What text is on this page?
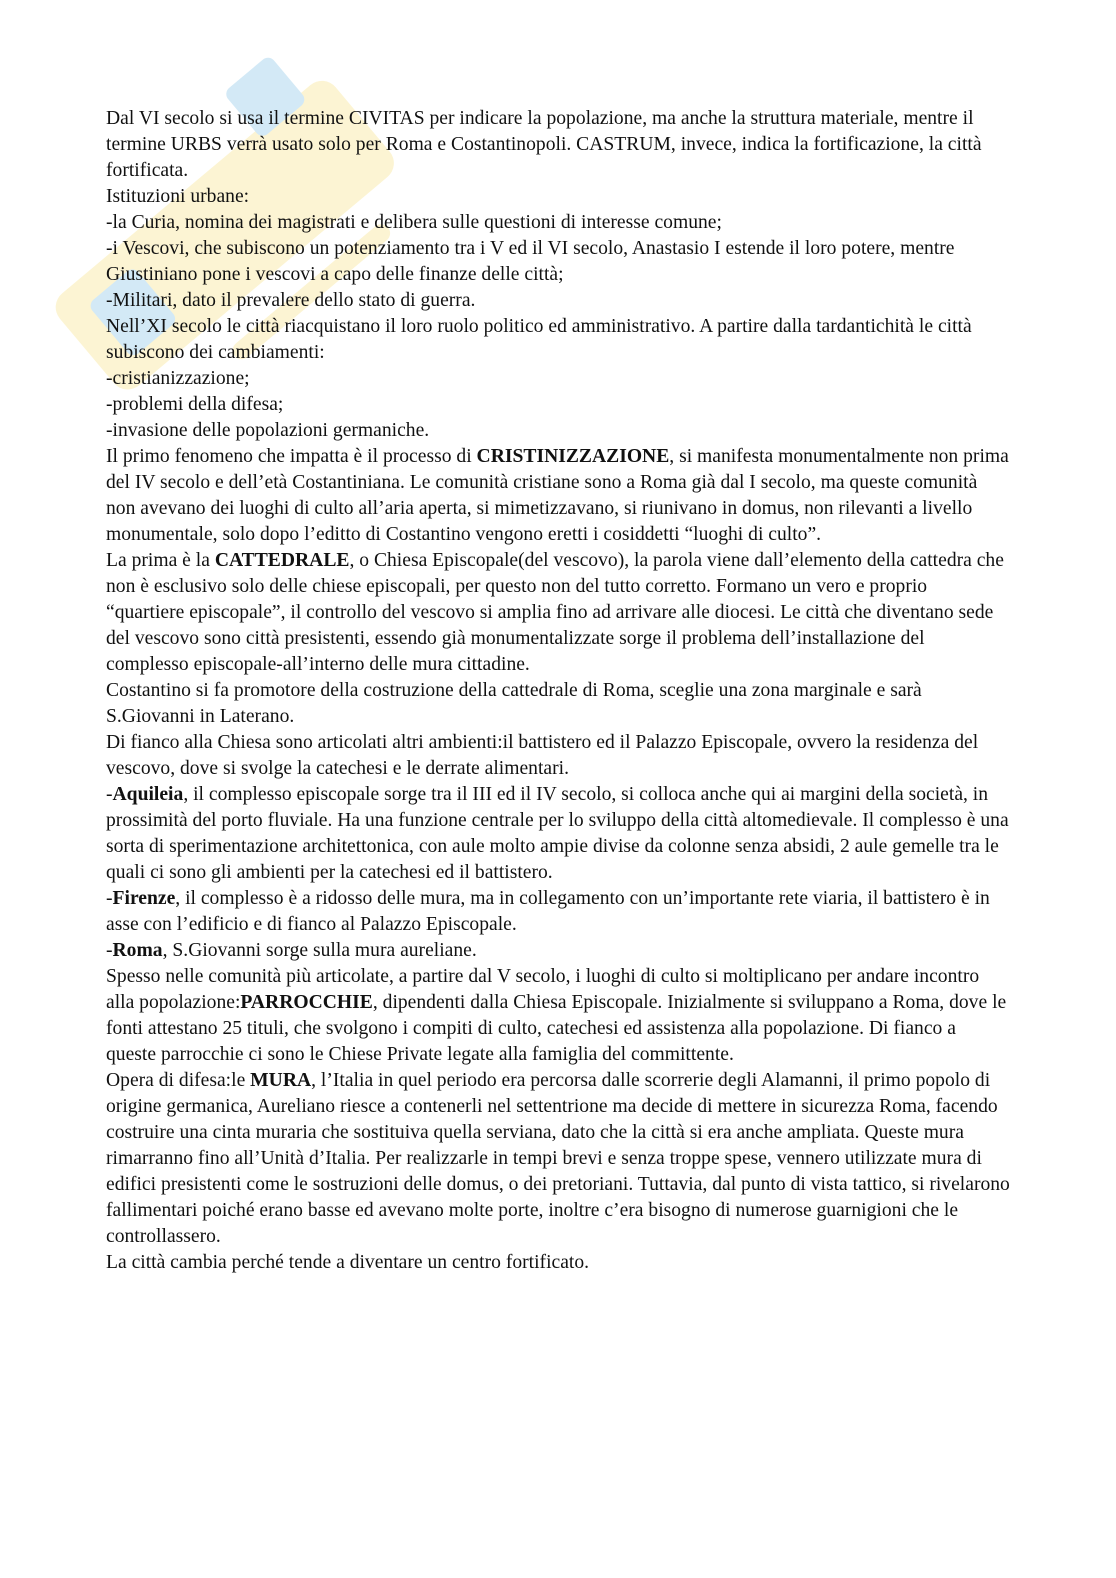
Dal VI secolo si usa il termine CIVITAS per indicare la popolazione, ma anche la struttura materiale, mentre il termine URBS verrà usato solo per Roma e Costantinopoli. CASTRUM, invece, indica la fortificazione, la città fortificata.

Istituzioni urbane:

-la Curia, nomina dei magistrati e delibera sulle questioni di interesse comune;

-i Vescovi, che subiscono un potenziamento tra i V ed il VI secolo, Anastasio I estende il loro potere, mentre Giustiniano pone i vescovi a capo delle finanze delle città;

-Militari, dato il prevalere dello stato di guerra.

Nell’XI secolo le città riacquistano il loro ruolo politico ed amministrativo. A partire dalla tardantichità le città subiscono dei cambiamenti:

-cristianizzazione;

-problemi della difesa;

-invasione delle popolazioni germaniche.

Il primo fenomeno che impatta è il processo di CRISTINIZZAZIONE, si manifesta monumentalmente non prima del IV secolo e dell’età Costantiniana. Le comunità cristiane sono a Roma già dal I secolo, ma queste comunità non avevano dei luoghi di culto all’aria aperta, si mimetizzavano, si riunivano in domus, non rilevanti a livello monumentale, solo dopo l’editto di Costantino vengono eretti i cosiddetti “luoghi di culto”.

La prima è la CATTEDRALE, o Chiesa Episcopale(del vescovo), la parola viene dall’elemento della cattedra che non è esclusivo solo delle chiese episcopali, per questo non del tutto corretto. Formano un vero e proprio “quartiere episcopale”, il controllo del vescovo si amplia fino ad arrivare alle diocesi. Le città che diventano sede del vescovo sono città presistenti, essendo già monumentalizzate sorge il problema dell’installazione del complesso episcopale-all’interno delle mura cittadine.

Costantino si fa promotore della costruzione della cattedrale di Roma, sceglie una zona marginale e sarà S.Giovanni in Laterano.

Di fianco alla Chiesa sono articolati altri ambienti:il battistero ed il Palazzo Episcopale, ovvero la residenza del vescovo, dove si svolge la catechesi e le derrate alimentari.

-Aquileia, il complesso episcopale sorge tra il III ed il IV secolo, si colloca anche qui ai margini della società, in prossimità del porto fluviale. Ha una funzione centrale per lo sviluppo della città altomedievale. Il complesso è una sorta di sperimentazione architettonica, con aule molto ampie divise da colonne senza absidi, 2 aule gemelle tra le quali ci sono gli ambienti per la catechesi ed il battistero.

-Firenze, il complesso è a ridosso delle mura, ma in collegamento con un’importante rete viaria, il battistero è in asse con l’edificio e di fianco al Palazzo Episcopale.

-Roma, S.Giovanni sorge sulla mura aureliane.

Spesso nelle comunità più articolate, a partire dal V secolo, i luoghi di culto si moltiplicano per andare incontro alla popolazione:PARROCCHIE, dipendenti dalla Chiesa Episcopale. Inizialmente si sviluppano a Roma, dove le fonti attestano 25 tituli, che svolgono i compiti di culto, catechesi ed assistenza alla popolazione. Di fianco a queste parrocchie ci sono le Chiese Private legate alla famiglia del committente.

Opera di difesa:le MURA, l’Italia in quel periodo era percorsa dalle scorrerie degli Alamanni, il primo popolo di origine germanica, Aureliano riesce a contenerli nel settentrione ma decide di mettere in sicurezza Roma, facendo costruire una cinta muraria che sostituiva quella serviana, dato che la città si era anche ampliata. Queste mura rimarranno fino all’Unità d’Italia. Per realizzarle in tempi brevi e senza troppe spese, vennero utilizzate mura di edifici presistenti come le sostruzioni delle domus, o dei pretoriani. Tuttavia, dal punto di vista tattico, si rivelarono fallimentari poiché erano basse ed avevano molte porte, inoltre c’era bisogno di numerose guarnigioni che le controllassero.

La città cambia perché tende a diventare un centro fortificato.
